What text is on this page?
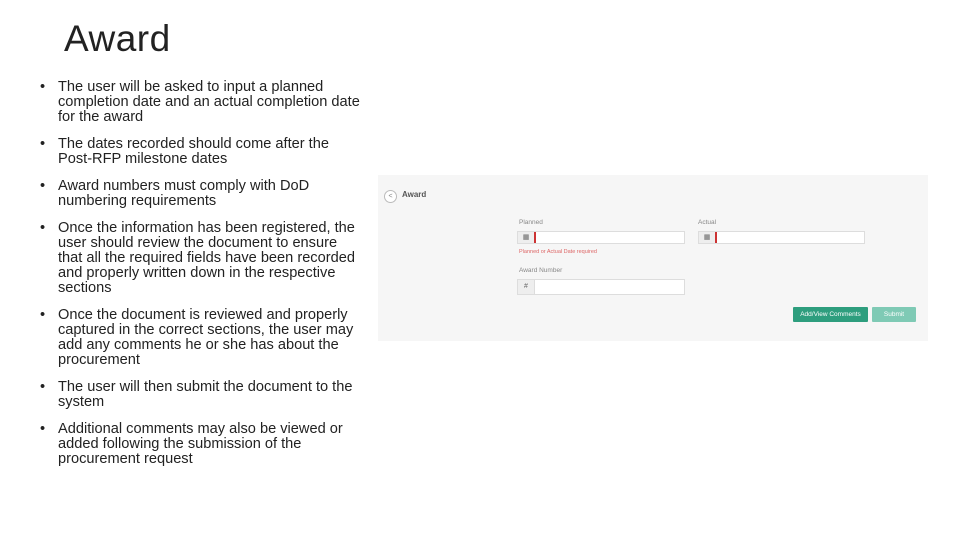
Award
• The user will be asked to input a planned completion date and an actual completion date for the award
• The dates recorded should come after the Post-RFP milestone dates
• Award numbers must comply with DoD numbering requirements
• Once the information has been registered, the user should review the document to ensure that all the required fields have been recorded and properly written down in the respective sections
• Once the document is reviewed and properly captured in the correct sections, the user may add any comments he or she has about the procurement
• The user will then submit the document to the system
• Additional comments may also be viewed or added following the submission of the procurement request
<	Award
Planned
▦
Planned or Actual Date required
Actual
▦
Award Number
#
Add/View Comments	Submit
